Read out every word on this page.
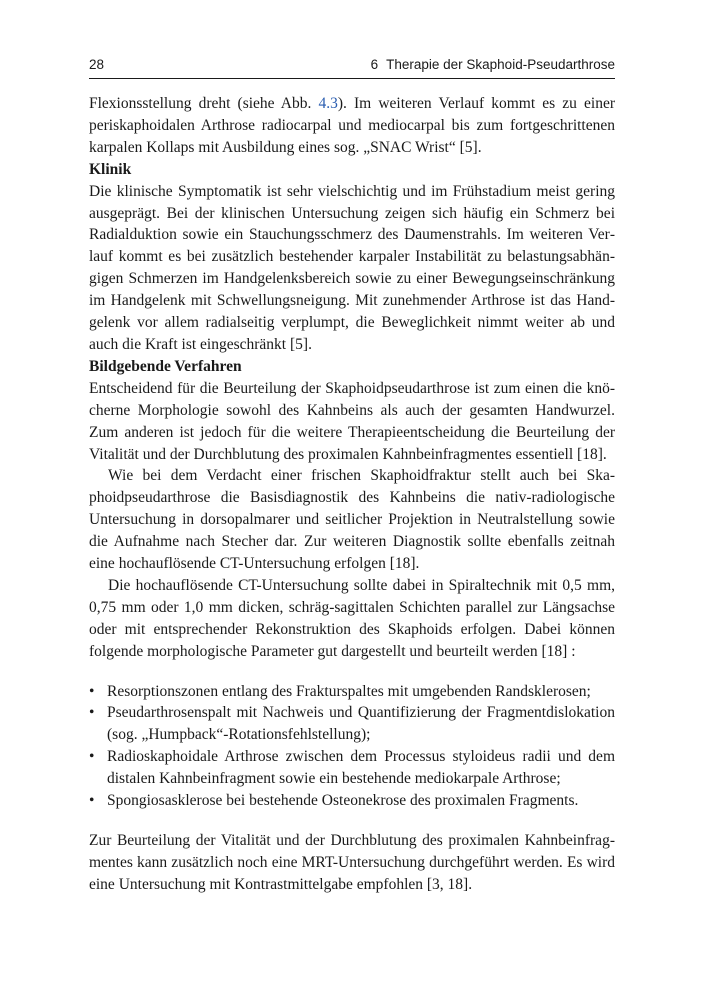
28	6 Therapie der Skaphoid-Pseudarthrose

Flexionsstellung dreht (siehe Abb. 4.3). Im weiteren Verlauf kommt es zu einer periskaphoidalen Arthrose radiocarpal und mediocarpal bis zum fortgeschrittenen karpalen Kollaps mit Ausbildung eines sog. „SNAC Wrist“ [5].

Klinik

Die klinische Symptomatik ist sehr vielschichtig und im Frühstadium meist gering ausgeprägt. Bei der klinischen Untersuchung zeigen sich häufig ein Schmerz bei Radialduktion sowie ein Stauchungsschmerz des Daumenstrahls. Im weiteren Verlauf kommt es bei zusätzlich bestehender karpaler Instabilität zu belastungsabhängigen Schmerzen im Handgelenksbereich sowie zu einer Bewegungseinschränkung im Handgelenk mit Schwellungsneigung. Mit zunehmender Arthrose ist das Handgelenk vor allem radialseitig verplumpt, die Beweglichkeit nimmt weiter ab und auch die Kraft ist eingeschränkt [5].

Bildgebende Verfahren

Entscheidend für die Beurteilung der Skaphoidpseudarthrose ist zum einen die knöcherne Morphologie sowohl des Kahnbeins als auch der gesamten Handwurzel. Zum anderen ist jedoch für die weitere Therapieentscheidung die Beurteilung der Vitalität und der Durchblutung des proximalen Kahnbeinfragmentes essentiell [18].

Wie bei dem Verdacht einer frischen Skaphoidfraktur stellt auch bei Skaphoidpseudarthrose die Basisdiagnostik des Kahnbeins die nativ-radiologische Untersuchung in dorsopalmarer und seitlicher Projektion in Neutralstellung sowie die Aufnahme nach Stecher dar. Zur weiteren Diagnostik sollte ebenfalls zeitnah eine hochauflösende CT-Untersuchung erfolgen [18].

Die hochauflösende CT-Untersuchung sollte dabei in Spiraltechnik mit 0,5 mm, 0,75 mm oder 1,0 mm dicken, schräg-sagittalen Schichten parallel zur Längsachse oder mit entsprechender Rekonstruktion des Skaphoids erfolgen. Dabei können folgende morphologische Parameter gut dargestellt und beurteilt werden [18] :

• Resorptionszonen entlang des Frakturspaltes mit umgebenden Randsklerosen;
• Pseudarthrosenspalt mit Nachweis und Quantifizierung der Fragmentdislokation (sog. „Humpback“-Rotationsfehlstellung);
• Radioskaphoidale Arthrose zwischen dem Processus styloideus radii und dem distalen Kahnbeinfragment sowie ein bestehende mediokarpale Arthrose;
• Spongiosasklerose bei bestehende Osteonekrose des proximalen Fragments.

Zur Beurteilung der Vitalität und der Durchblutung des proximalen Kahnbeinfragmentes kann zusätzlich noch eine MRT-Untersuchung durchgeführt werden. Es wird eine Untersuchung mit Kontrastmittelgabe empfohlen [3, 18].
